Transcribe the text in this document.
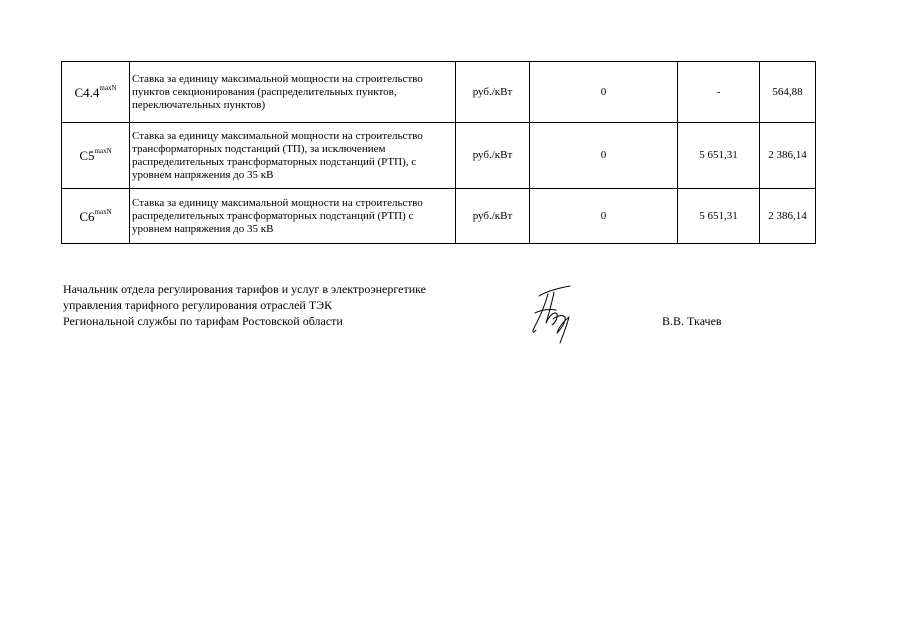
$С4.4^{maxN}$	Ставка за единицу максимальной мощности на строительство пунктов секционирования (распределительных пунктов, переключательных пунктов)	руб./кВт	0	-	564,88
$С5^{maxN}$	Ставка за единицу максимальной мощности на строительство трансформаторных подстанций (ТП), за исключением распределительных трансформаторных подстанций (РТП), с уровнем напряжения до 35 кВ	руб./кВт	0	5 651,31	2 386,14
$С6^{maxN}$	Ставка за единицу максимальной мощности на строительство распределительных трансформаторных подстанций (РТП) с уровнем напряжения до 35 кВ	руб./кВт	0	5 651,31	2 386,14
Начальник отдела регулирования тарифов и услуг в электроэнергетике
управления тарифного регулирования отраслей ТЭК
Региональной службы по тарифам Ростовской области	В.В. Ткачев
